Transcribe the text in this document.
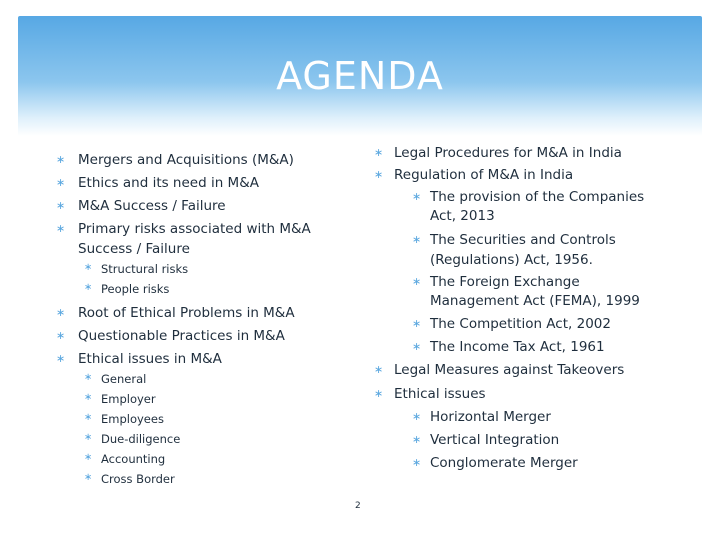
AGENDA
∗ Mergers and Acquisitions (M&A)
∗ Ethics and its need in M&A
∗ M&A Success / Failure
∗ Primary risks associated with M&A
Success / Failure
∗ Structural risks
∗ People risks
∗ Root of Ethical Problems in M&A
∗ Questionable Practices in M&A
∗ Ethical issues in M&A
∗ General
∗ Employer
∗ Employees
∗ Due-diligence
∗ Accounting
∗ Cross Border
∗ Legal Procedures for M&A in India
∗ Regulation of M&A in India
∗ The provision of the Companies
Act, 2013
∗ The Securities and Controls
(Regulations) Act, 1956.
∗ The Foreign Exchange
Management Act (FEMA), 1999
∗ The Competition Act, 2002
∗ The Income Tax Act, 1961
∗ Legal Measures against Takeovers
∗ Ethical issues
∗ Horizontal Merger
∗ Vertical Integration
∗ Conglomerate Merger
2
